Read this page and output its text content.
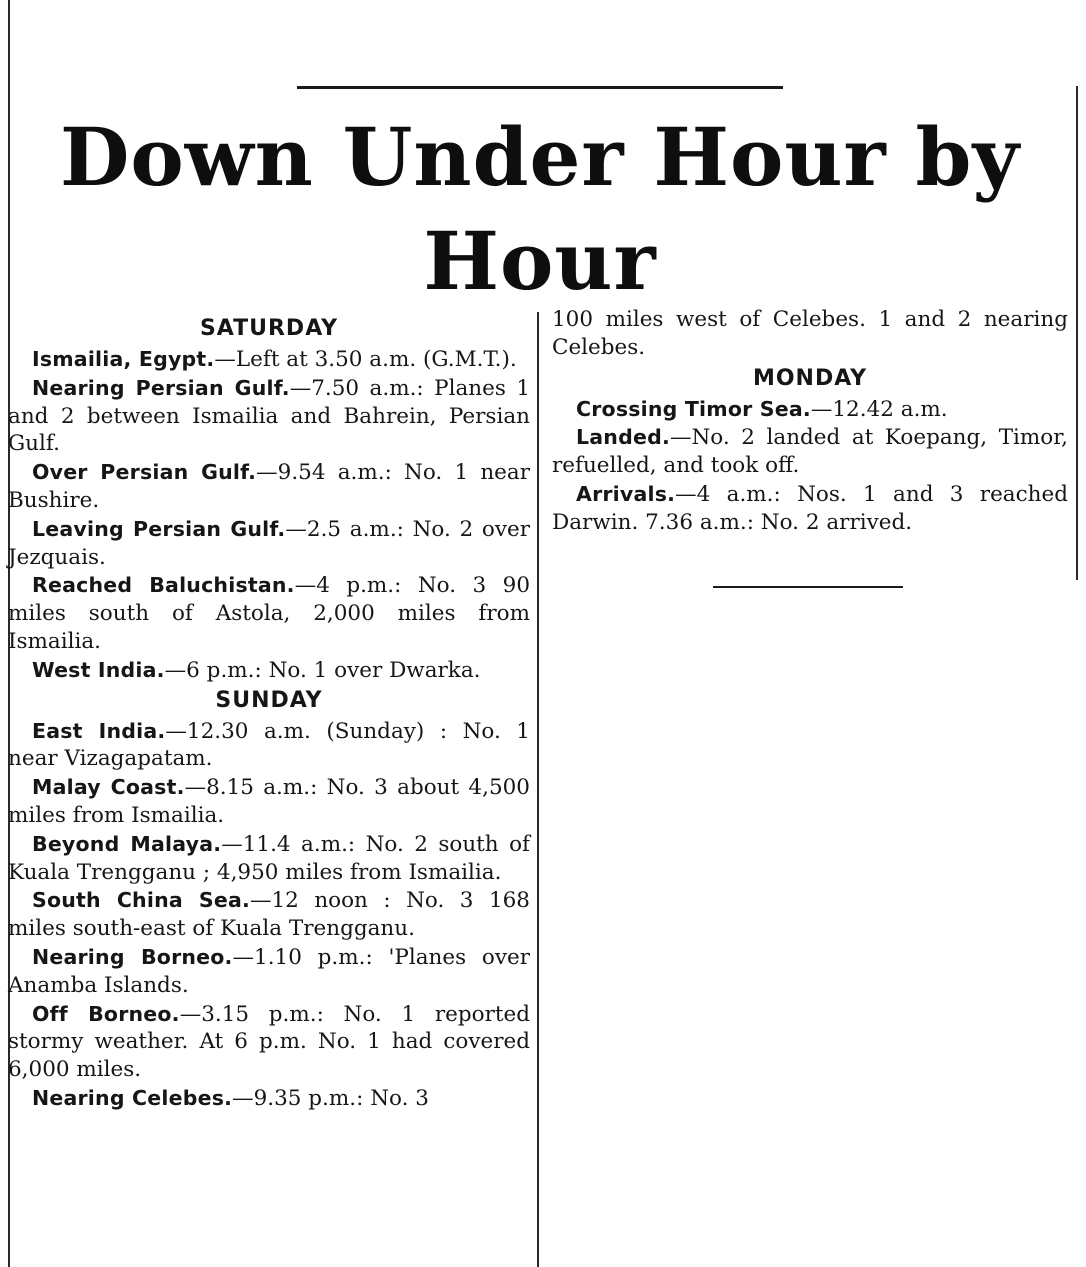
Down Under Hour by Hour
SATURDAY

Ismailia, Egypt.—Left at 3.50 a.m. (G.M.T.).

Nearing Persian Gulf.—7.50 a.m.: Planes 1 and 2 between Ismailia and Bahrein, Persian Gulf.

Over Persian Gulf.—9.54 a.m.: No. 1 near Bushire.

Leaving Persian Gulf.—2.5 a.m.: No. 2 over Jezquais.

Reached Baluchistan.—4 p.m.: No. 3 90 miles south of Astola, 2,000 miles from Ismailia.

West India.—6 p.m.: No. 1 over Dwarka.

SUNDAY

East India.—12.30 a.m. (Sunday) : No. 1 near Vizagapatam.

Malay Coast.—8.15 a.m.: No. 3 about 4,500 miles from Ismailia.

Beyond Malaya.—11.4 a.m.: No. 2 south of Kuala Trengganu ; 4,950 miles from Ismailia.

South China Sea.—12 noon : No. 3 168 miles south-east of Kuala Trengganu.

Nearing Borneo.—1.10 p.m.: 'Planes over Anamba Islands.

Off Borneo.—3.15 p.m.: No. 1 reported stormy weather. At 6 p.m. No. 1 had covered 6,000 miles.

Nearing Celebes.—9.35 p.m.: No. 3

100 miles west of Celebes. 1 and 2 nearing Celebes.

MONDAY

Crossing Timor Sea.—12.42 a.m.

Landed.—No. 2 landed at Koepang, Timor, refuelled, and took off.

Arrivals.—4 a.m.: Nos. 1 and 3 reached Darwin. 7.36 a.m.: No. 2 arrived.
